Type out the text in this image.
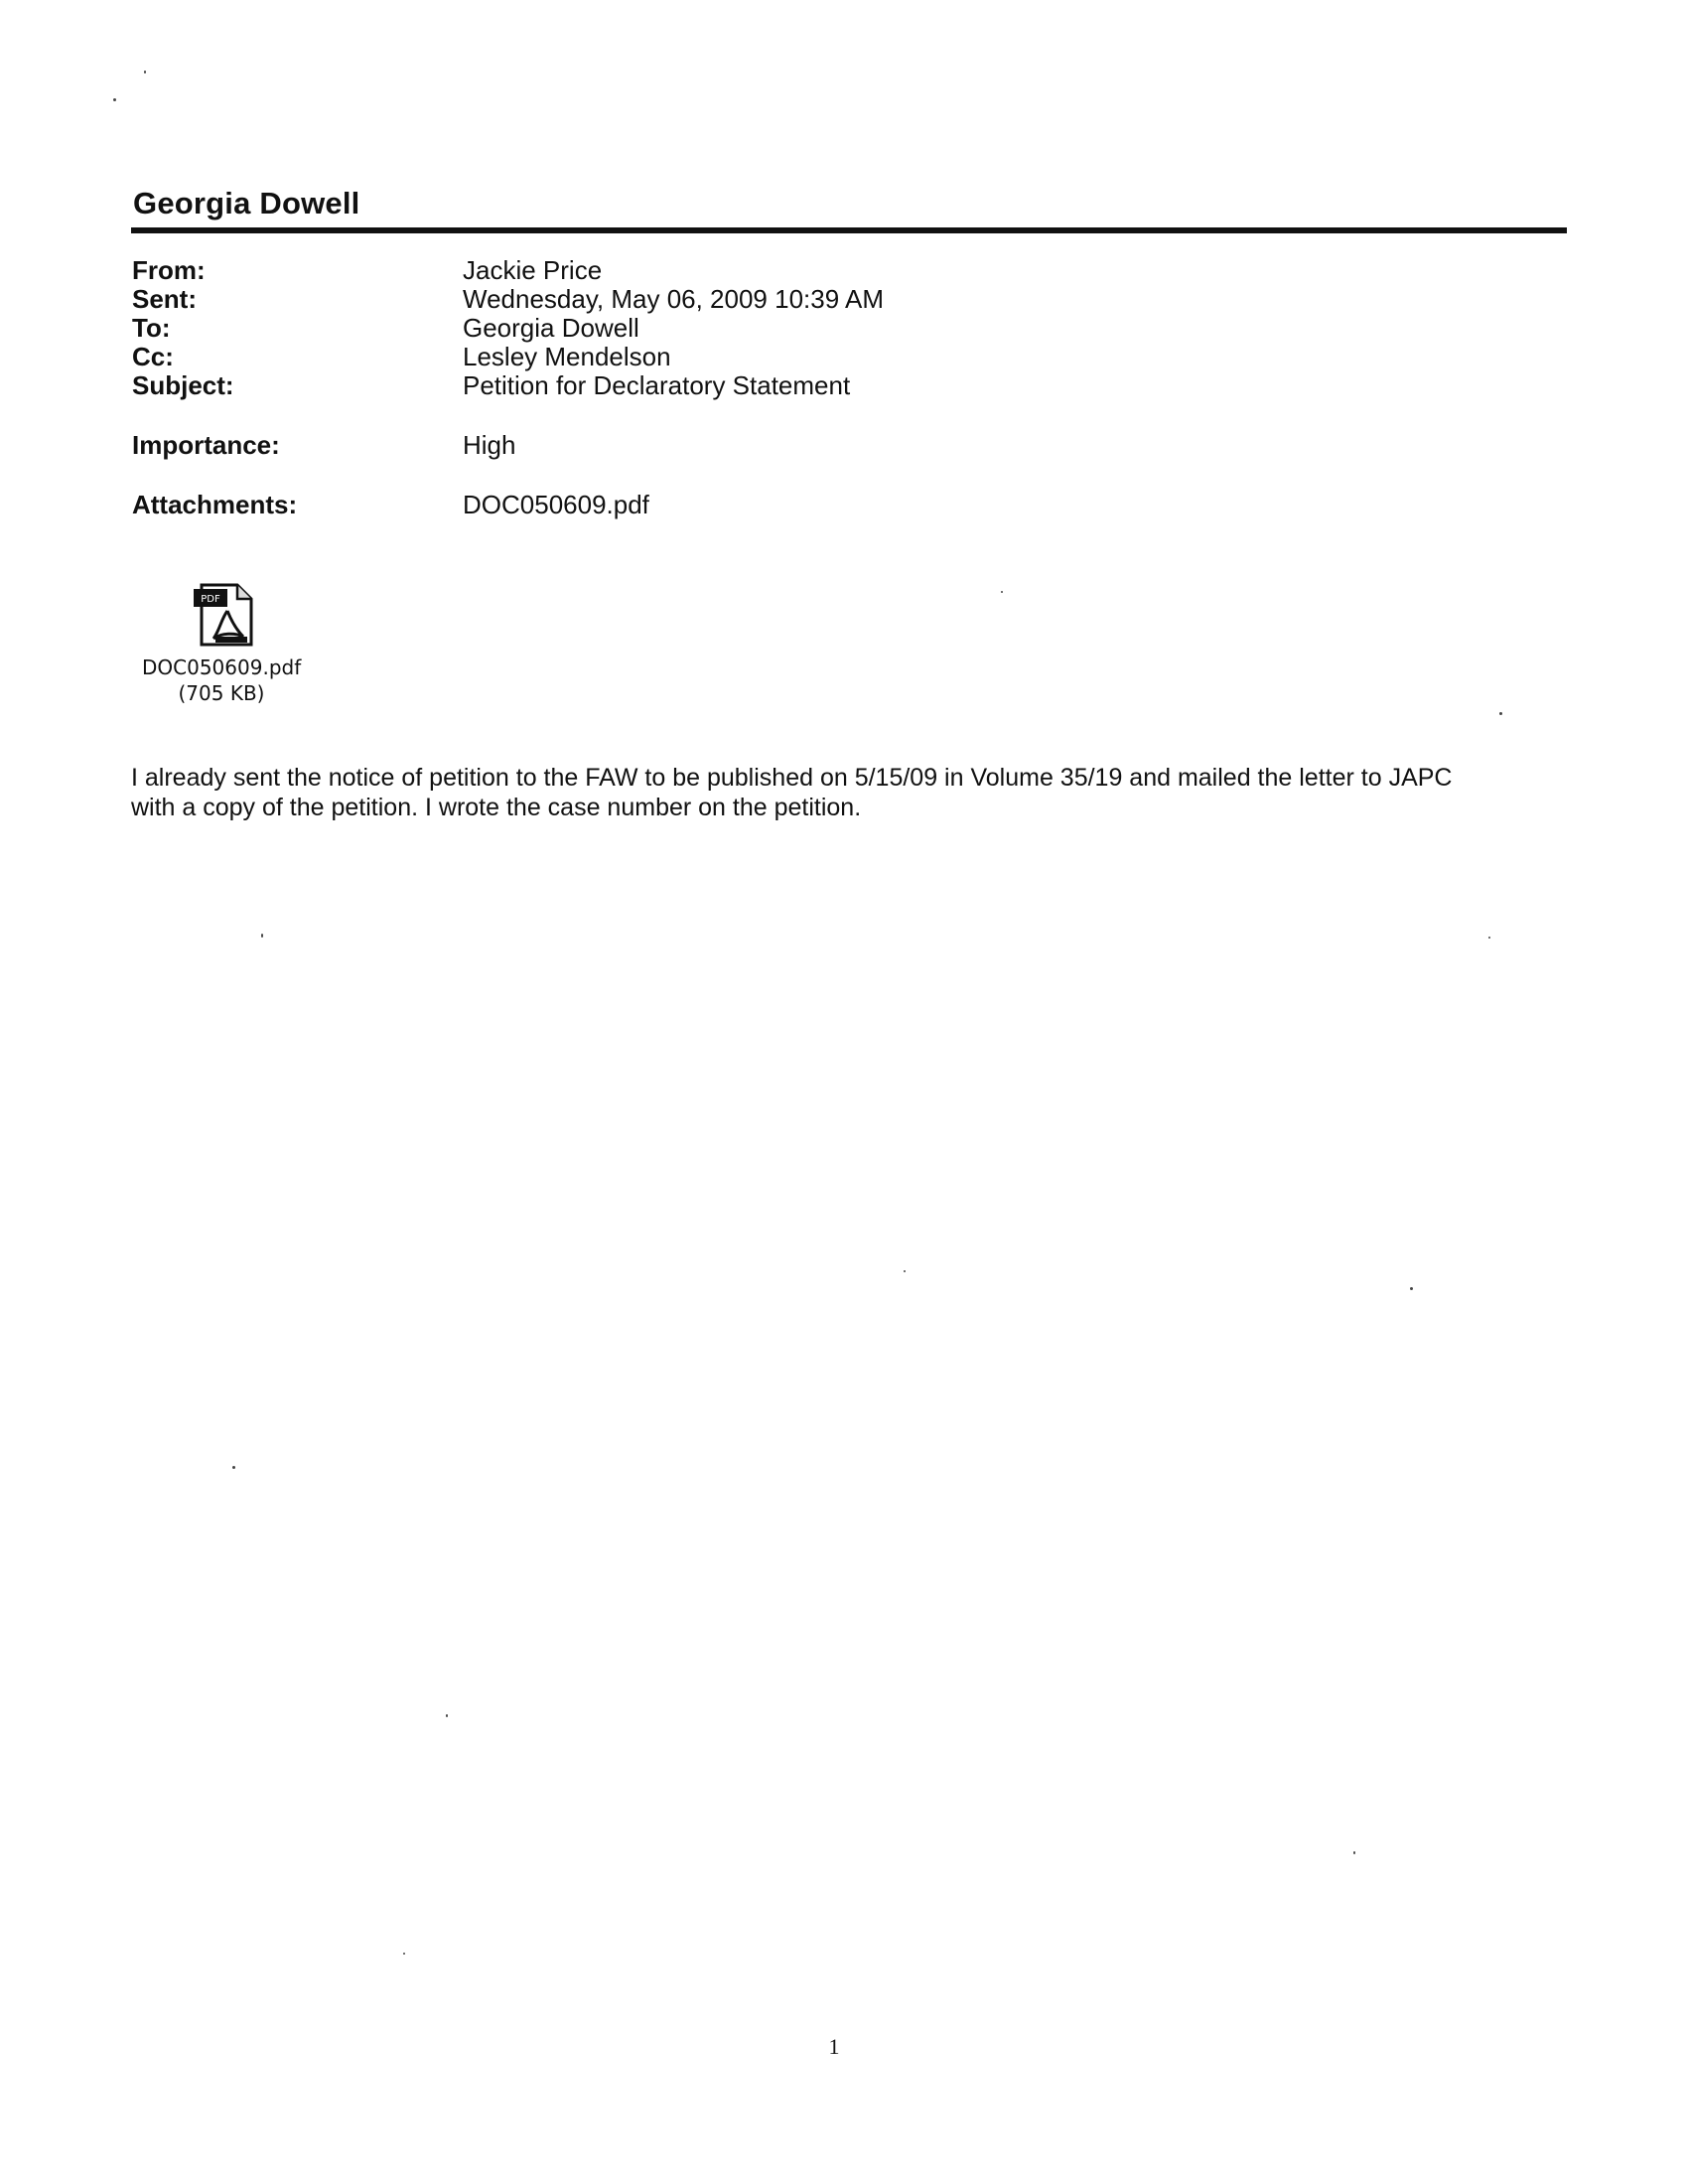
Georgia Dowell
From:	Jackie Price
Sent:	Wednesday, May 06, 2009 10:39 AM
To:	Georgia Dowell
Cc:	Lesley Mendelson
Subject:	Petition for Declaratory Statement
Importance:	High
Attachments:	DOC050609.pdf
PDF
DOC050609.pdf
(705 KB)
I already sent the notice of petition to the FAW to be published on 5/15/09 in Volume 35/19 and mailed the letter to JAPC
with a copy of the petition. I wrote the case number on the petition.
1
